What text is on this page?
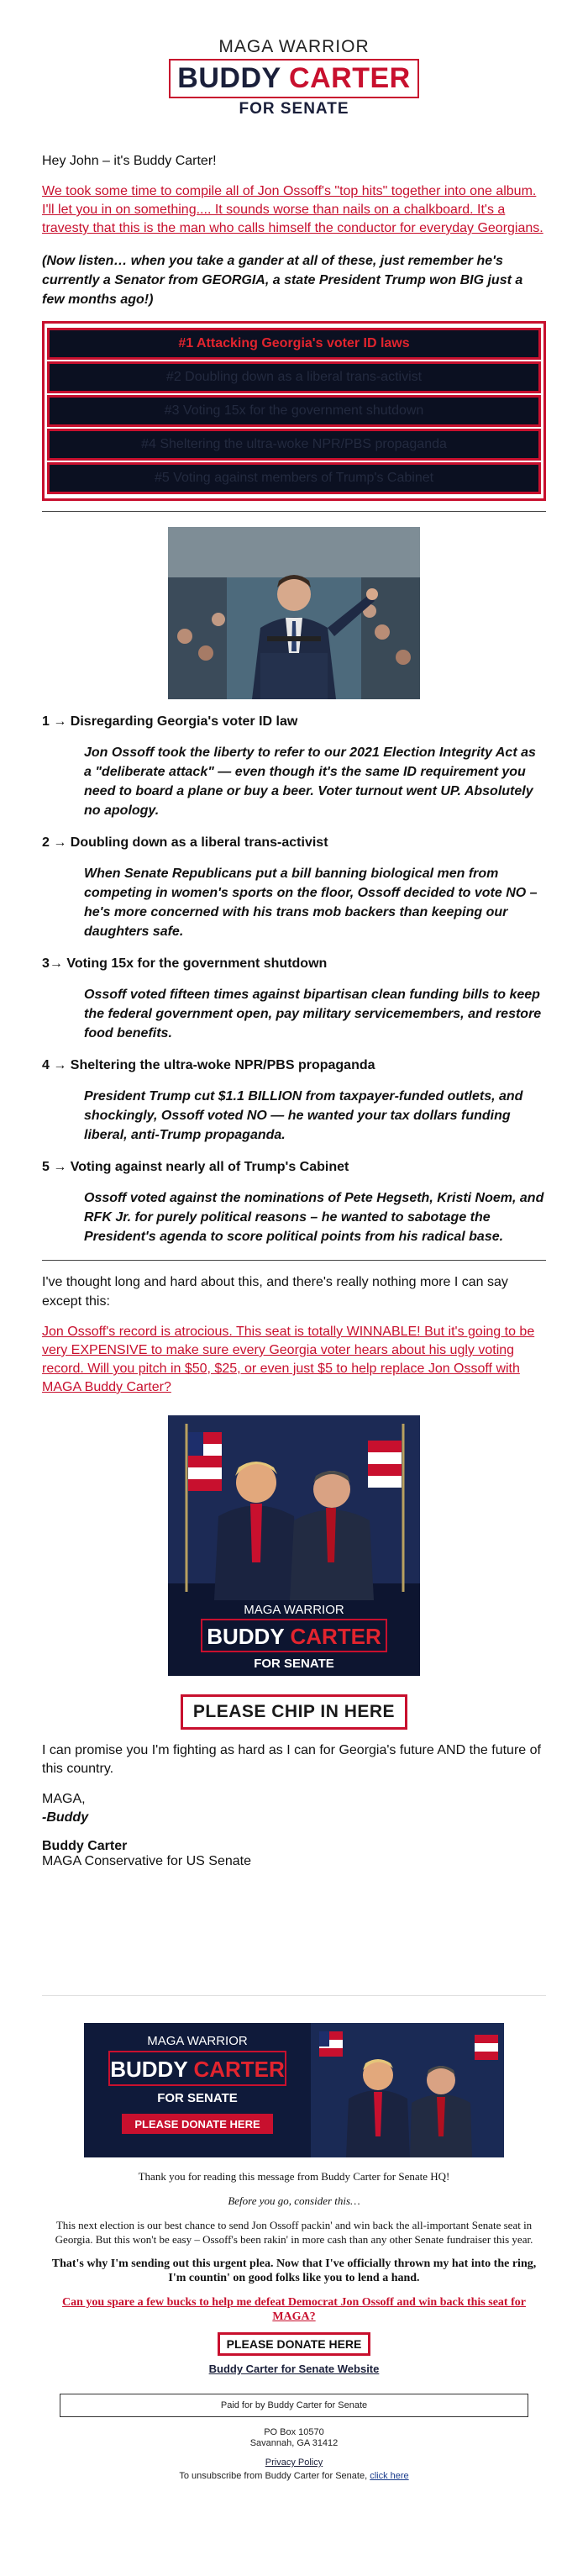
MAGA WARRIOR
BUDDY CARTER
FOR SENATE

Hey John – it's Buddy Carter!

We took some time to compile all of Jon Ossoff's "top hits" together into one album. I'll let you in on something.... It sounds worse than nails on a chalkboard. It's a travesty that this is the man who calls himself the conductor for everyday Georgians.

(Now listen… when you take a gander at all of these, just remember he's currently a Senator from GEORGIA, a state President Trump won BIG just a few months ago!)

#1 Attacking Georgia's voter ID laws
#2 Doubling down as a liberal trans-activist
#3 Voting 15x for the government shutdown
#4 Sheltering the ultra-woke NPR/PBS propaganda
#5 Voting against members of Trump's Cabinet

1 → Disregarding Georgia's voter ID law

Jon Ossoff took the liberty to refer to our 2021 Election Integrity Act as a "deliberate attack" — even though it's the same ID requirement you need to board a plane or buy a beer. Voter turnout went UP. Absolutely no apology.

2 → Doubling down as a liberal trans-activist

When Senate Republicans put a bill banning biological men from competing in women's sports on the floor, Ossoff decided to vote NO – he's more concerned with his trans mob backers than keeping our daughters safe.

3→ Voting 15x for the government shutdown

Ossoff voted fifteen times against bipartisan clean funding bills to keep the federal government open, pay military servicemembers, and restore food benefits.

4 → Sheltering the ultra-woke NPR/PBS propaganda

President Trump cut $1.1 BILLION from taxpayer-funded outlets, and shockingly, Ossoff voted NO — he wanted your tax dollars funding liberal, anti-Trump propaganda.

5 → Voting against nearly all of Trump's Cabinet

Ossoff voted against the nominations of Pete Hegseth, Kristi Noem, and RFK Jr. for purely political reasons – he wanted to sabotage the President's agenda to score political points from his radical base.

I've thought long and hard about this, and there's really nothing more I can say except this:

Jon Ossoff's record is atrocious. This seat is totally WINNABLE! But it's going to be very EXPENSIVE to make sure every Georgia voter hears about his ugly voting record. Will you pitch in $50, $25, or even just $5 to help replace Jon Ossoff with MAGA Buddy Carter?

MAGA WARRIOR
BUDDY CARTER
FOR SENATE
PLEASE CHIP IN HERE

I can promise you I'm fighting as hard as I can for Georgia's future AND the future of this country.

MAGA,
-Buddy
Buddy Carter
MAGA Conservative for US Senate
MAGA WARRIOR
BUDDY CARTER
FOR SENATE
PLEASE DONATE HERE

Thank you for reading this message from Buddy Carter for Senate HQ!

Before you go, consider this…

This next election is our best chance to send Jon Ossoff packin' and win back the all-important Senate seat in Georgia. But this won't be easy – Ossoff's been rakin' in more cash than any other Senate fundraiser this year.

That's why I'm sending out this urgent plea. Now that I've officially thrown my hat into the ring, I'm countin' on good folks like you to lend a hand.

Can you spare a few bucks to help me defeat Democrat Jon Ossoff and win back this seat for MAGA?

PLEASE DONATE HERE
Buddy Carter for Senate Website
Paid for by Buddy Carter for Senate
PO Box 10570
Savannah, GA 31412
Privacy Policy
To unsubscribe from Buddy Carter for Senate, click here
